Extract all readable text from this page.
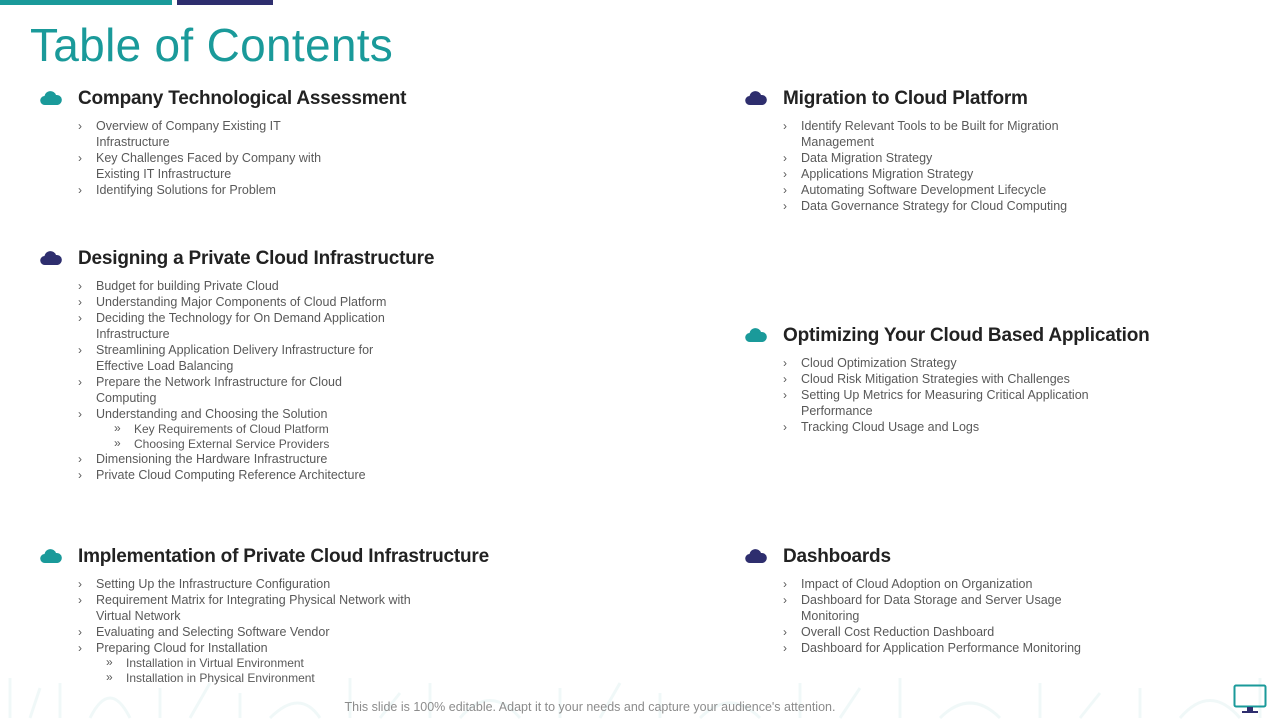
Table of Contents
Company Technological Assessment
› Overview of Company Existing IT Infrastructure
› Key Challenges Faced by Company with Existing IT Infrastructure
› Identifying Solutions for Problem
Migration to Cloud Platform
› Identify Relevant Tools to be Built for Migration Management
› Data Migration Strategy
› Applications Migration Strategy
› Automating Software Development Lifecycle
› Data Governance Strategy for Cloud Computing
Designing a Private Cloud Infrastructure
› Budget for building Private Cloud
› Understanding Major Components of Cloud Platform
› Deciding the Technology for On Demand Application Infrastructure
› Streamlining Application Delivery Infrastructure for Effective Load Balancing
› Prepare the Network Infrastructure for Cloud Computing
› Understanding and Choosing the Solution
» Key Requirements of Cloud Platform
» Choosing External Service Providers
› Dimensioning the Hardware Infrastructure
› Private Cloud Computing Reference Architecture
Optimizing Your Cloud Based Application
› Cloud Optimization Strategy
› Cloud Risk Mitigation Strategies with Challenges
› Setting Up Metrics for Measuring Critical Application Performance
› Tracking Cloud Usage and Logs
Implementation of Private Cloud Infrastructure
› Setting Up the Infrastructure Configuration
› Requirement Matrix for Integrating Physical Network with Virtual Network
› Evaluating and Selecting Software Vendor
› Preparing Cloud for Installation
» Installation in Virtual Environment
» Installation in Physical Environment
Dashboards
› Impact of Cloud Adoption on Organization
› Dashboard for Data Storage and Server Usage Monitoring
› Overall Cost Reduction Dashboard
› Dashboard for Application Performance Monitoring
This slide is 100% editable. Adapt it to your needs and capture your audience's attention.
